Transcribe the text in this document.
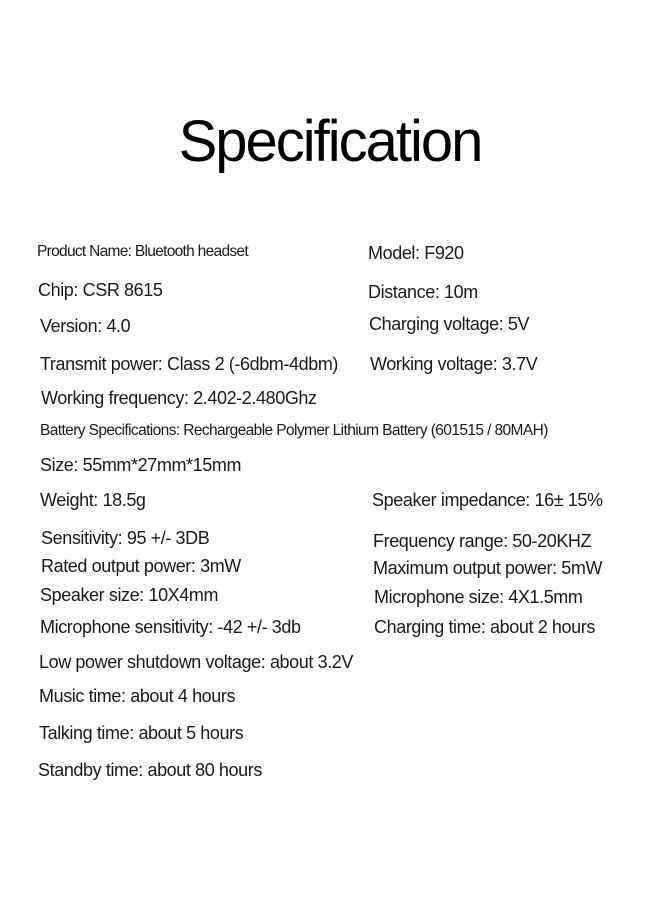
Specification
Product Name: Bluetooth headset	Model: F920
Chip: CSR 8615	Distance: 10m
Version: 4.0	Charging voltage: 5V
Transmit power: Class 2 (-6dbm-4dbm) Working voltage: 3.7V
Working frequency: 2.402-2.480Ghz
Battery Specifications: Rechargeable Polymer Lithium Battery (601515 / 80MAH)
Size: 55mm*27mm*15mm
Weight: 18.5g	Speaker impedance: 16± 15%
Sensitivity: 95 +/- 3DB	Frequency range: 50-20KHZ
Rated output power: 3mW	Maximum output power: 5mW
Speaker size: 10X4mm	Microphone size: 4X1.5mm
Microphone sensitivity: -42 +/- 3db	Charging time: about 2 hours
Low power shutdown voltage: about 3.2V
Music time: about 4 hours
Talking time: about 5 hours
Standby time: about 80 hours
